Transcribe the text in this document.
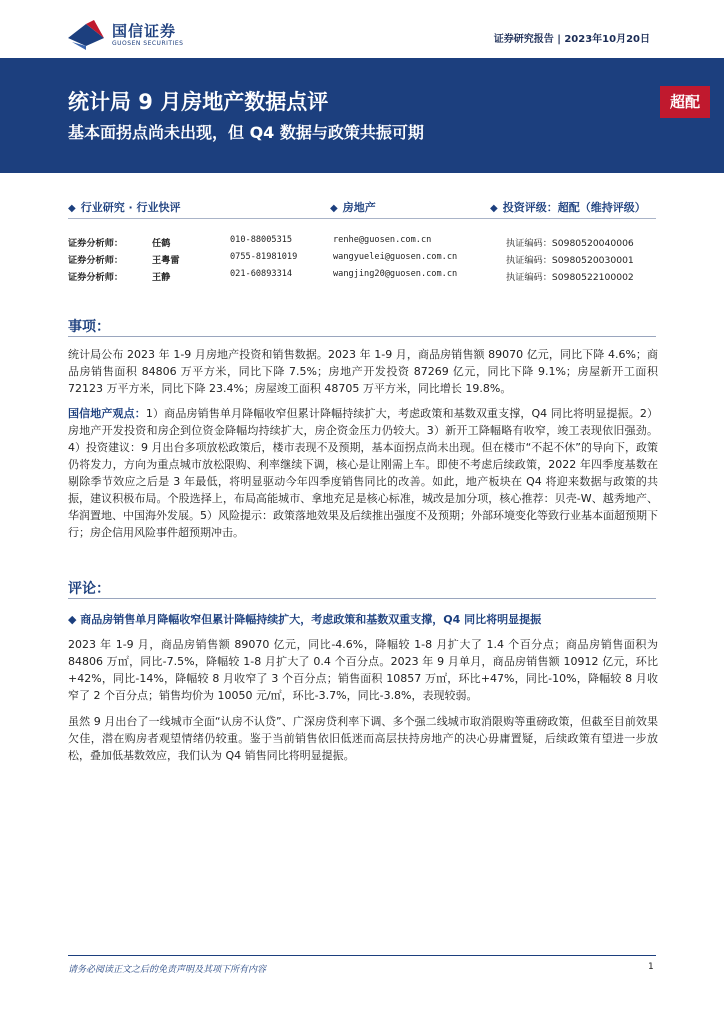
国信证券
GUOSEN SECURITIES	证券研究报告 | 2023年10月20日
统计局 9 月房地产数据点评
基本面拐点尚未出现，但 Q4 数据与政策共振可期
超配
◆ 行业研究 · 行业快评	◆ 房地产	◆ 投资评级：超配（维持评级）
证券分析师：	任鹤	010-88005315	renhe@guosen.com.cn	执证编码：S0980520040006
证券分析师：	王粤雷	0755-81981019	wangyuelei@guosen.com.cn	执证编码：S0980520030001
证券分析师：	王静	021-60893314	wangjing20@guosen.com.cn	执证编码：S0980522100002
事项：
统计局公布 2023 年 1-9 月房地产投资和销售数据。2023 年 1-9 月，商品房销售额 89070 亿元，同比下降 4.6%；商品房销售面积 84806 万平方米，同比下降 7.5%；房地产开发投资 87269 亿元，同比下降 9.1%；房屋新开工面积 72123 万平方米，同比下降 23.4%；房屋竣工面积 48705 万平方米，同比增长 19.8%。
国信地产观点：1）商品房销售单月降幅收窄但累计降幅持续扩大，考虑政策和基数双重支撑，Q4 同比将明显提振。2）房地产开发投资和房企到位资金降幅均持续扩大，房企资金压力仍较大。3）新开工降幅略有收窄，竣工表现依旧强劲。4）投资建议：9 月出台多项放松政策后，楼市表现不及预期，基本面拐点尚未出现。但在楼市“不起不休”的导向下，政策仍将发力，方向为重点城市放松限购、利率继续下调，核心是让刚需上车。即使不考虑后续政策，2022 年四季度基数在剔除季节效应之后是 3 年最低，将明显驱动今年四季度销售同比的改善。如此，地产板块在 Q4 将迎来数据与政策的共振，建议积极布局。个股选择上，布局高能城市、拿地充足是核心标准，城改是加分项，核心推荐：贝壳-W、越秀地产、华润置地、中国海外发展。5）风险提示：政策落地效果及后续推出强度不及预期；外部环境变化等致行业基本面超预期下行；房企信用风险事件超预期冲击。
评论：
◆ 商品房销售单月降幅收窄但累计降幅持续扩大，考虑政策和基数双重支撑，Q4 同比将明显提振
2023 年 1-9 月，商品房销售额 89070 亿元，同比-4.6%，降幅较 1-8 月扩大了 1.4 个百分点；商品房销售面积为 84806 万㎡，同比-7.5%，降幅较 1-8 月扩大了 0.4 个百分点。2023 年 9 月单月，商品房销售额 10912 亿元，环比+42%，同比-14%，降幅较 8 月收窄了 3 个百分点；销售面积 10857 万㎡，环比+47%，同比-10%，降幅较 8 月收窄了 2 个百分点；销售均价为 10050 元/㎡，环比-3.7%，同比-3.8%，表现较弱。
虽然 9 月出台了一线城市全面“认房不认贷”、广深房贷利率下调、多个强二线城市取消限购等重磅政策，但截至目前效果欠佳，潜在购房者观望情绪仍较重。鉴于当前销售依旧低迷而高层扶持房地产的决心毋庸置疑，后续政策有望进一步放松，叠加低基数效应，我们认为 Q4 销售同比将明显提振。
请务必阅读正文之后的免责声明及其项下所有内容	1
